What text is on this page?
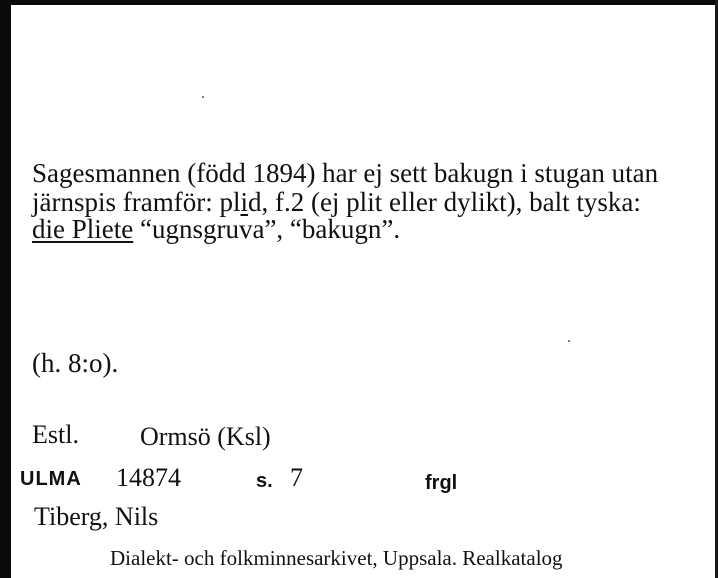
Sagesmannen (född 1894) har ej sett bakugn i stugan utan
järnspis framför: plid, f.2 (ej plit eller dylikt), balt tyska:
die Pliete “ugnsgruva”, “bakugn”.
(h. 8:o).
Estl. Ormsö (Ksl)
ULMA 14874	s. 7	frgl
Tiberg, Nils
Dialekt- och folkminnesarkivet, Uppsala. Realkatalog
